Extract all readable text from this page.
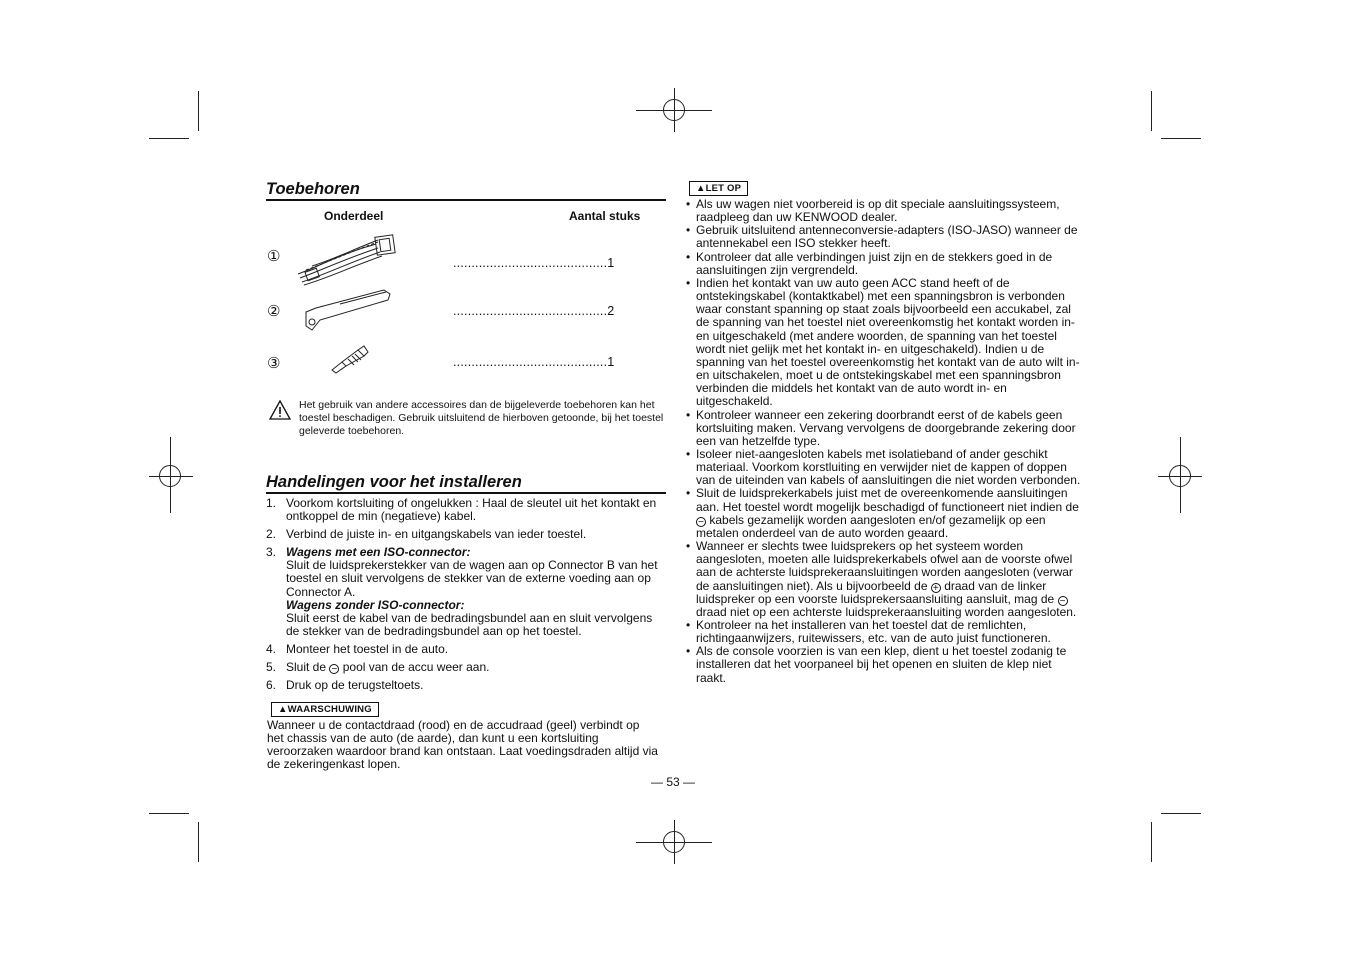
Toebehoren
Onderdeel	Aantal stuks
①	..........................................1
②	..........................................2
③	..........................................1
Het gebruik van andere accessoires dan de bijgeleverde toebehoren kan het toestel beschadigen. Gebruik uitsluitend de hierboven getoonde, bij het toestel geleverde toebehoren.
Handelingen voor het installeren
1. Voorkom kortsluiting of ongelukken : Haal de sleutel uit het kontakt en ontkoppel de min (negatieve) kabel.
2. Verbind de juiste in- en uitgangskabels van ieder toestel.
3. Wagens met een ISO-connector:
Sluit de luidsprekerstekker van de wagen aan op Connector B van het toestel en sluit vervolgens de stekker van de externe voeding aan op Connector A.
Wagens zonder ISO-connector:
Sluit eerst de kabel van de bedradingsbundel aan en sluit vervolgens de stekker van de bedradingsbundel aan op het toestel.
4. Monteer het toestel in de auto.
5. Sluit de − pool van de accu weer aan.
6. Druk op de terugsteltoets.
▲WAARSCHUWING
Wanneer u de contactdraad (rood) en de accudraad (geel) verbindt op het chassis van de auto (de aarde), dan kunt u een kortsluiting veroorzaken waardoor brand kan ontstaan. Laat voedingsdraden altijd via de zekeringenkast lopen.
▲LET OP
• Als uw wagen niet voorbereid is op dit speciale aansluitingssysteem, raadpleeg dan uw KENWOOD dealer.
• Gebruik uitsluitend antenneconversie-adapters (ISO-JASO) wanneer de antennekabel een ISO stekker heeft.
• Kontroleer dat alle verbindingen juist zijn en de stekkers goed in de aansluitingen zijn vergrendeld.
• Indien het kontakt van uw auto geen ACC stand heeft of de ontstekingskabel (kontaktkabel) met een spanningsbron is verbonden waar constant spanning op staat zoals bijvoorbeeld een accukabel, zal de spanning van het toestel niet overeenkomstig het kontakt worden in- en uitgeschakeld (met andere woorden, de spanning van het toestel wordt niet gelijk met het kontakt in- en uitgeschakeld). Indien u de spanning van het toestel overeenkomstig het kontakt van de auto wilt in- en uitschakelen, moet u de ontstekingskabel met een spanningsbron verbinden die middels het kontakt van de auto wordt in- en uitgeschakeld.
• Kontroleer wanneer een zekering doorbrandt eerst of de kabels geen kortsluiting maken. Vervang vervolgens de doorgebrande zekering door een van hetzelfde type.
• Isoleer niet-aangesloten kabels met isolatieband of ander geschikt materiaal. Voorkom korstluiting en verwijder niet de kappen of doppen van de uiteinden van kabels of aansluitingen die niet worden verbonden.
• Sluit de luidsprekerkabels juist met de overeenkomende aansluitingen aan. Het toestel wordt mogelijk beschadigd of functioneert niet indien de − kabels gezamelijk worden aangesloten en/of gezamelijk op een metalen onderdeel van de auto worden geaard.
• Wanneer er slechts twee luidsprekers op het systeem worden aangesloten, moeten alle luidsprekerkabels ofwel aan de voorste ofwel aan de achterste luidsprekeraansluitingen worden aangesloten (verwar de aansluitingen niet). Als u bijvoorbeeld de + draad van de linker luidspreker op een voorste luidsprekersaansluiting aansluit, mag de − draad niet op een achterste luidsprekeraansluiting worden aangesloten.
• Kontroleer na het installeren van het toestel dat de remlichten, richtingaanwijzers, ruitewissers, etc. van de auto juist functioneren.
• Als de console voorzien is van een klep, dient u het toestel zodanig te installeren dat het voorpaneel bij het openen en sluiten de klep niet raakt.
— 53 —
